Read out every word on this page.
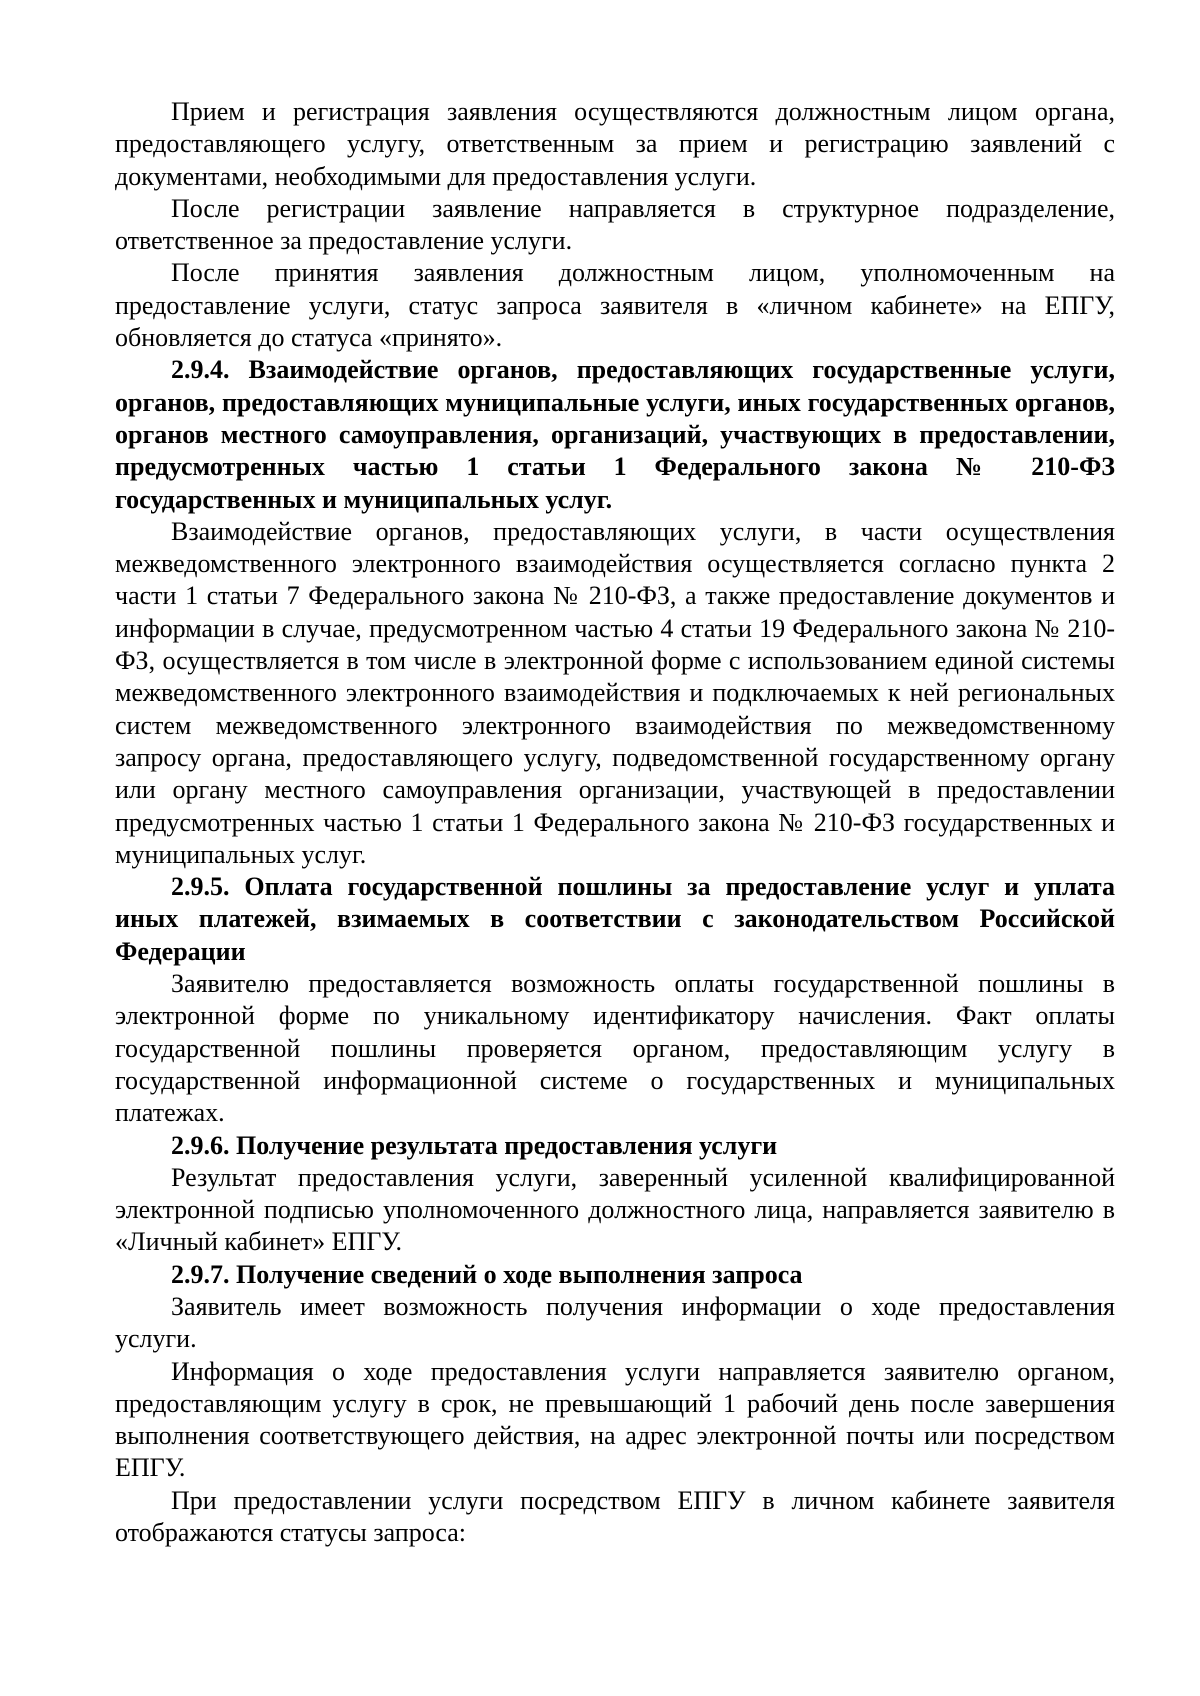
Прием и регистрация заявления осуществляются должностным лицом органа, предоставляющего услугу, ответственным за прием и регистрацию заявлений с документами, необходимыми для предоставления услуги.

После регистрации заявление направляется в структурное подразделение, ответственное за предоставление услуги.

После принятия заявления должностным лицом, уполномоченным на предоставление услуги, статус запроса заявителя в «личном кабинете» на ЕПГУ, обновляется до статуса «принято».

2.9.4. Взаимодействие органов, предоставляющих государственные услуги, органов, предоставляющих муниципальные услуги, иных государственных органов, органов местного самоуправления, организаций, участвующих в предоставлении, предусмотренных частью 1 статьи 1 Федерального закона № 210-ФЗ государственных и муниципальных услуг.

Взаимодействие органов, предоставляющих услуги, в части осуществления межведомственного электронного взаимодействия осуществляется согласно пункта 2 части 1 статьи 7 Федерального закона № 210-ФЗ, а также предоставление документов и информации в случае, предусмотренном частью 4 статьи 19 Федерального закона № 210-ФЗ, осуществляется в том числе в электронной форме с использованием единой системы межведомственного электронного взаимодействия и подключаемых к ней региональных систем межведомственного электронного взаимодействия по межведомственному запросу органа, предоставляющего услугу, подведомственной государственному органу или органу местного самоуправления организации, участвующей в предоставлении предусмотренных частью 1 статьи 1 Федерального закона № 210-ФЗ государственных и муниципальных услуг.

2.9.5. Оплата государственной пошлины за предоставление услуг и уплата иных платежей, взимаемых в соответствии с законодательством Российской Федерации

Заявителю предоставляется возможность оплаты государственной пошлины в электронной форме по уникальному идентификатору начисления. Факт оплаты государственной пошлины проверяется органом, предоставляющим услугу в государственной информационной системе о государственных и муниципальных платежах.

2.9.6. Получение результата предоставления услуги

Результат предоставления услуги, заверенный усиленной квалифицированной электронной подписью уполномоченного должностного лица, направляется заявителю в «Личный кабинет» ЕПГУ.

2.9.7. Получение сведений о ходе выполнения запроса

Заявитель имеет возможность получения информации о ходе предоставления услуги.

Информация о ходе предоставления услуги направляется заявителю органом, предоставляющим услугу в срок, не превышающий 1 рабочий день после завершения выполнения соответствующего действия, на адрес электронной почты или посредством ЕПГУ.

При предоставлении услуги посредством ЕПГУ в личном кабинете заявителя отображаются статусы запроса:
